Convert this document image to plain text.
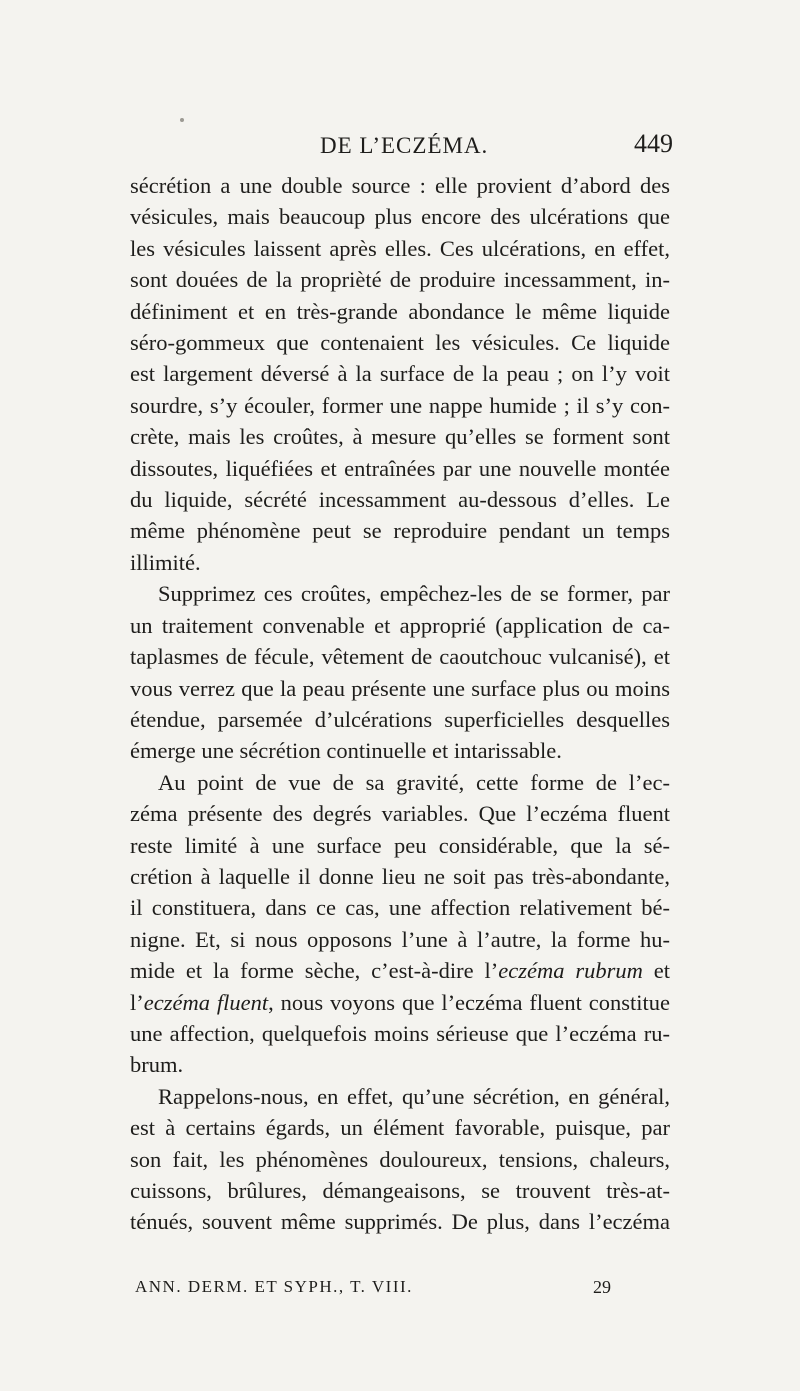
DE L’ECZÉMA.	449
sécrétion a une double source : elle provient d’abord des
vésicules, mais beaucoup plus encore des ulcérations que
les vésicules laissent après elles. Ces ulcérations, en effet,
sont douées de la proprièté de produire incessamment, in-
définiment et en très-grande abondance le même liquide
séro-gommeux que contenaient les vésicules. Ce liquide
est largement déversé à la surface de la peau ; on l’y voit
sourdre, s’y écouler, former une nappe humide ; il s’y con-
crète, mais les croûtes, à mesure qu’elles se forment sont
dissoutes, liquéfiées et entraînées par une nouvelle montée
du liquide, sécrété incessamment au-dessous d’elles. Le
même phénomène peut se reproduire pendant un temps
illimité.
Supprimez ces croûtes, empêchez-les de se former, par
un traitement convenable et approprié (application de ca-
taplasmes de fécule, vêtement de caoutchouc vulcanisé), et
vous verrez que la peau présente une surface plus ou moins
étendue, parsemée d’ulcérations superficielles desquelles
émerge une sécrétion continuelle et intarissable.
Au point de vue de sa gravité, cette forme de l’ec-
zéma présente des degrés variables. Que l’eczéma fluent
reste limité à une surface peu considérable, que la sé-
crétion à laquelle il donne lieu ne soit pas très-abondante,
il constituera, dans ce cas, une affection relativement bé-
nigne. Et, si nous opposons l’une à l’autre, la forme hu-
mide et la forme sèche, c’est-à-dire l’eczéma rubrum et
l’eczéma fluent, nous voyons que l’eczéma fluent constitue
une affection, quelquefois moins sérieuse que l’eczéma ru-
brum.
Rappelons-nous, en effet, qu’une sécrétion, en général,
est à certains égards, un élément favorable, puisque, par
son fait, les phénomènes douloureux, tensions, chaleurs,
cuissons, brûlures, démangeaisons, se trouvent très-at-
ténués, souvent même supprimés. De plus, dans l’eczéma
ANN. DERM. ET SYPH., T. VIII.	29
